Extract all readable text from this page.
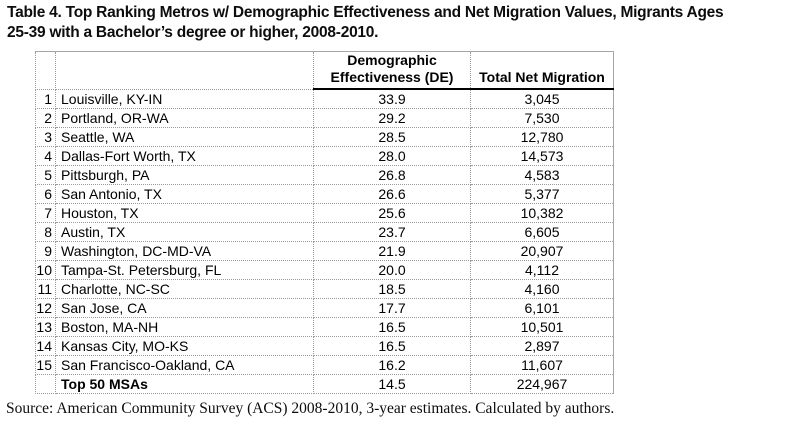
Table 4. Top Ranking Metros w/ Demographic Effectiveness and Net Migration Values, Migrants Ages
25-39 with a Bachelor’s degree or higher, 2008-2010.
		Demographic
Effectiveness (DE)	Total Net Migration
1	Louisville, KY-IN	33.9	3,045
2	Portland, OR-WA	29.2	7,530
3	Seattle, WA	28.5	12,780
4	Dallas-Fort Worth, TX	28.0	14,573
5	Pittsburgh, PA	26.8	4,583
6	San Antonio, TX	26.6	5,377
7	Houston, TX	25.6	10,382
8	Austin, TX	23.7	6,605
9	Washington, DC-MD-VA	21.9	20,907
10	Tampa-St. Petersburg, FL	20.0	4,112
11	Charlotte, NC-SC	18.5	4,160
12	San Jose, CA	17.7	6,101
13	Boston, MA-NH	16.5	10,501
14	Kansas City, MO-KS	16.5	2,897
15	San Francisco-Oakland, CA	16.2	11,607
	Top 50 MSAs	14.5	224,967
Source: American Community Survey (ACS) 2008-2010, 3-year estimates. Calculated by authors.
